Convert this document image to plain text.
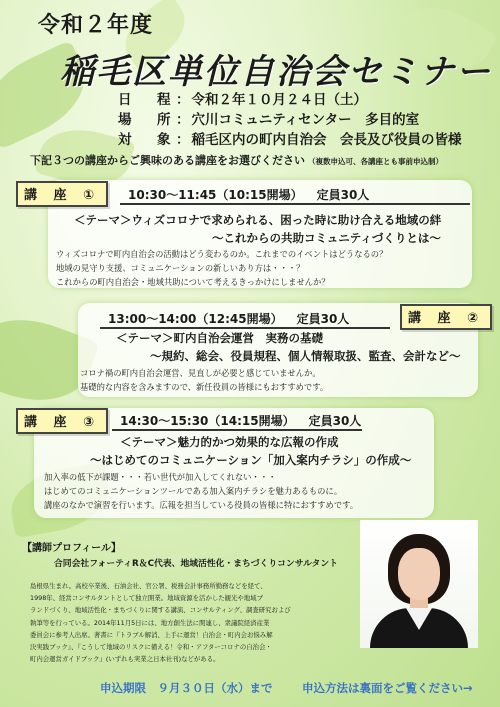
令和２年度
稲毛区単位自治会セミナー
日　程： 令和２年１０月２４日（土）
場　所： 穴川コミュニティセンター　多目的室
対　象： 稲毛区内の町内自治会　会長及び役員の皆様
下記３つの講座からご興味のある講座をお選びください （複数申込可、各講座とも事前申込制）
講 座 ①	10:30～11:45（10:15開場） 定員30人
＜テーマ＞ウィズコロナで求められる、困った時に助け合える地域の絆
～これからの共助コミュニティづくりとは～
ウィズコロナで町内自治会の活動はどう変わるのか。これまでのイベントはどうなるの？
地域の見守り支援、コミュニケーションの新しいあり方は・・・？
これからの町内自治会・地域共助について考えるきっかけにしませんか？
講 座 ②
13:00～14:00（12:45開場） 定員30人
＜テーマ＞町内自治会運営　実務の基礎
～規約、総会、役員規程、個人情報取扱、監査、会計など～
コロナ禍の町内自治会運営、見直しが必要と感じていませんか。
基礎的な内容を含みますので、新任役員の皆様にもおすすめです。
講 座 ③	14:30～15:30（14:15開場） 定員30人
＜テーマ＞魅力的かつ効果的な広報の作成
～はじめてのコミュニケーション「加入案内チラシ」の作成～
加入率の低下が課題・・・若い世代が加入してくれない・・・
はじめてのコミュニケーションツールである加入案内チラシを魅力あるものに。
講座のなかで演習を行います。広報を担当している役員の皆様に特におすすめです。
【講師プロフィール】
合同会社フォーティR＆C代表、地域活性化・まちづくりコンサルタント
島根県生まれ。高校卒業後、石油会社、官公署、税務会計事務所勤務などを経て、
1998年、経営コンサルタントとして独立開業。地域資源を活かした観光や地域ブ
ランドづくり、地域活性化・まちづくりに関する講演、コンサルティング、調査研究および
執筆等を行っている。2014年11月5日には、地方創生法に関連し、衆議院経済産業
委員会に参考人出席。著書に『トラブル解消、上手に運営！自治会・町内会お悩み解
決実践ブック』、『こうして地域のリスクに備える！令和・アフターコロナの自治会・
町内会運営ガイドブック』(いずれも実業之日本社刊)などがある。
申込期限　９月３０日（水）まで	申込方法は裏面をご覧ください→
